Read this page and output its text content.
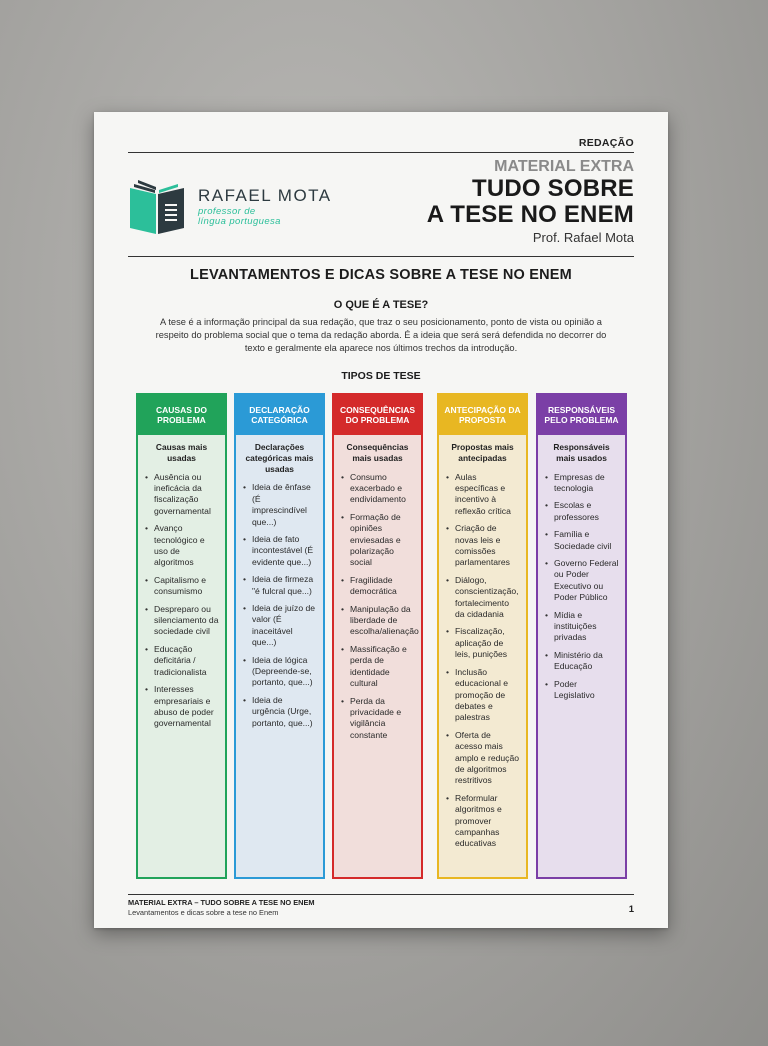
REDAÇÃO
RAFAEL MOTA
professor de
língua portuguesa
MATERIAL EXTRA
TUDO SOBRE
A TESE NO ENEM
Prof. Rafael Mota
LEVANTAMENTOS E DICAS SOBRE A TESE NO ENEM
O QUE É A TESE?

A tese é a informação principal da sua redação, que traz o seu posicionamento, ponto de vista ou opinião a respeito do problema social que o tema da redação aborda. É a ideia que será será defendida no decorrer do texto e geralmente ela aparece nos últimos trechos da introdução.

TIPOS DE TESE
CAUSAS DO PROBLEMA
Causas mais usadas
• Ausência ou ineficácia da fiscalização governamental
• Avanço tecnológico e uso de algoritmos
• Capitalismo e consumismo
• Despreparo ou silenciamento da sociedade civil
• Educação deficitária / tradicionalista
• Interesses empresariais e abuso de poder governamental
DECLARAÇÃO CATEGÓRICA
Declarações categóricas mais usadas
• Ideia de ênfase (É imprescindível que...)
• Ideia de fato incontestável (É evidente que...)
• Ideia de firmeza "é fulcral que...)
• Ideia de juízo de valor (É inaceitável que...)
• Ideia de lógica (Depreende-se, portanto, que...)
• Ideia de urgência (Urge, portanto, que...)
CONSEQUÊNCIAS DO PROBLEMA
Consequências mais usadas
• Consumo exacerbado e endividamento
• Formação de opiniões enviesadas e polarização social
• Fragilidade democrática
• Manipulação da liberdade de escolha/alienação
• Massificação e perda de identidade cultural
• Perda da privacidade e vigilância constante
ANTECIPAÇÃO DA PROPOSTA
Propostas mais antecipadas
• Aulas específicas e incentivo à reflexão crítica
• Criação de novas leis e comissões parlamentares
• Diálogo, conscientização, fortalecimento da cidadania
• Fiscalização, aplicação de leis, punições
• Inclusão educacional e promoção de debates e palestras
• Oferta de acesso mais amplo e redução de algoritmos restritivos
• Reformular algoritmos e promover campanhas educativas
RESPONSÁVEIS PELO PROBLEMA
Responsáveis mais usados
• Empresas de tecnologia
• Escolas e professores
• Família e Sociedade civil
• Governo Federal ou Poder Executivo ou Poder Público
• Mídia e instituições privadas
• Ministério da Educação
• Poder Legislativo
MATERIAL EXTRA – TUDO SOBRE A TESE NO ENEM
Levantamentos e dicas sobre a tese no Enem	1
